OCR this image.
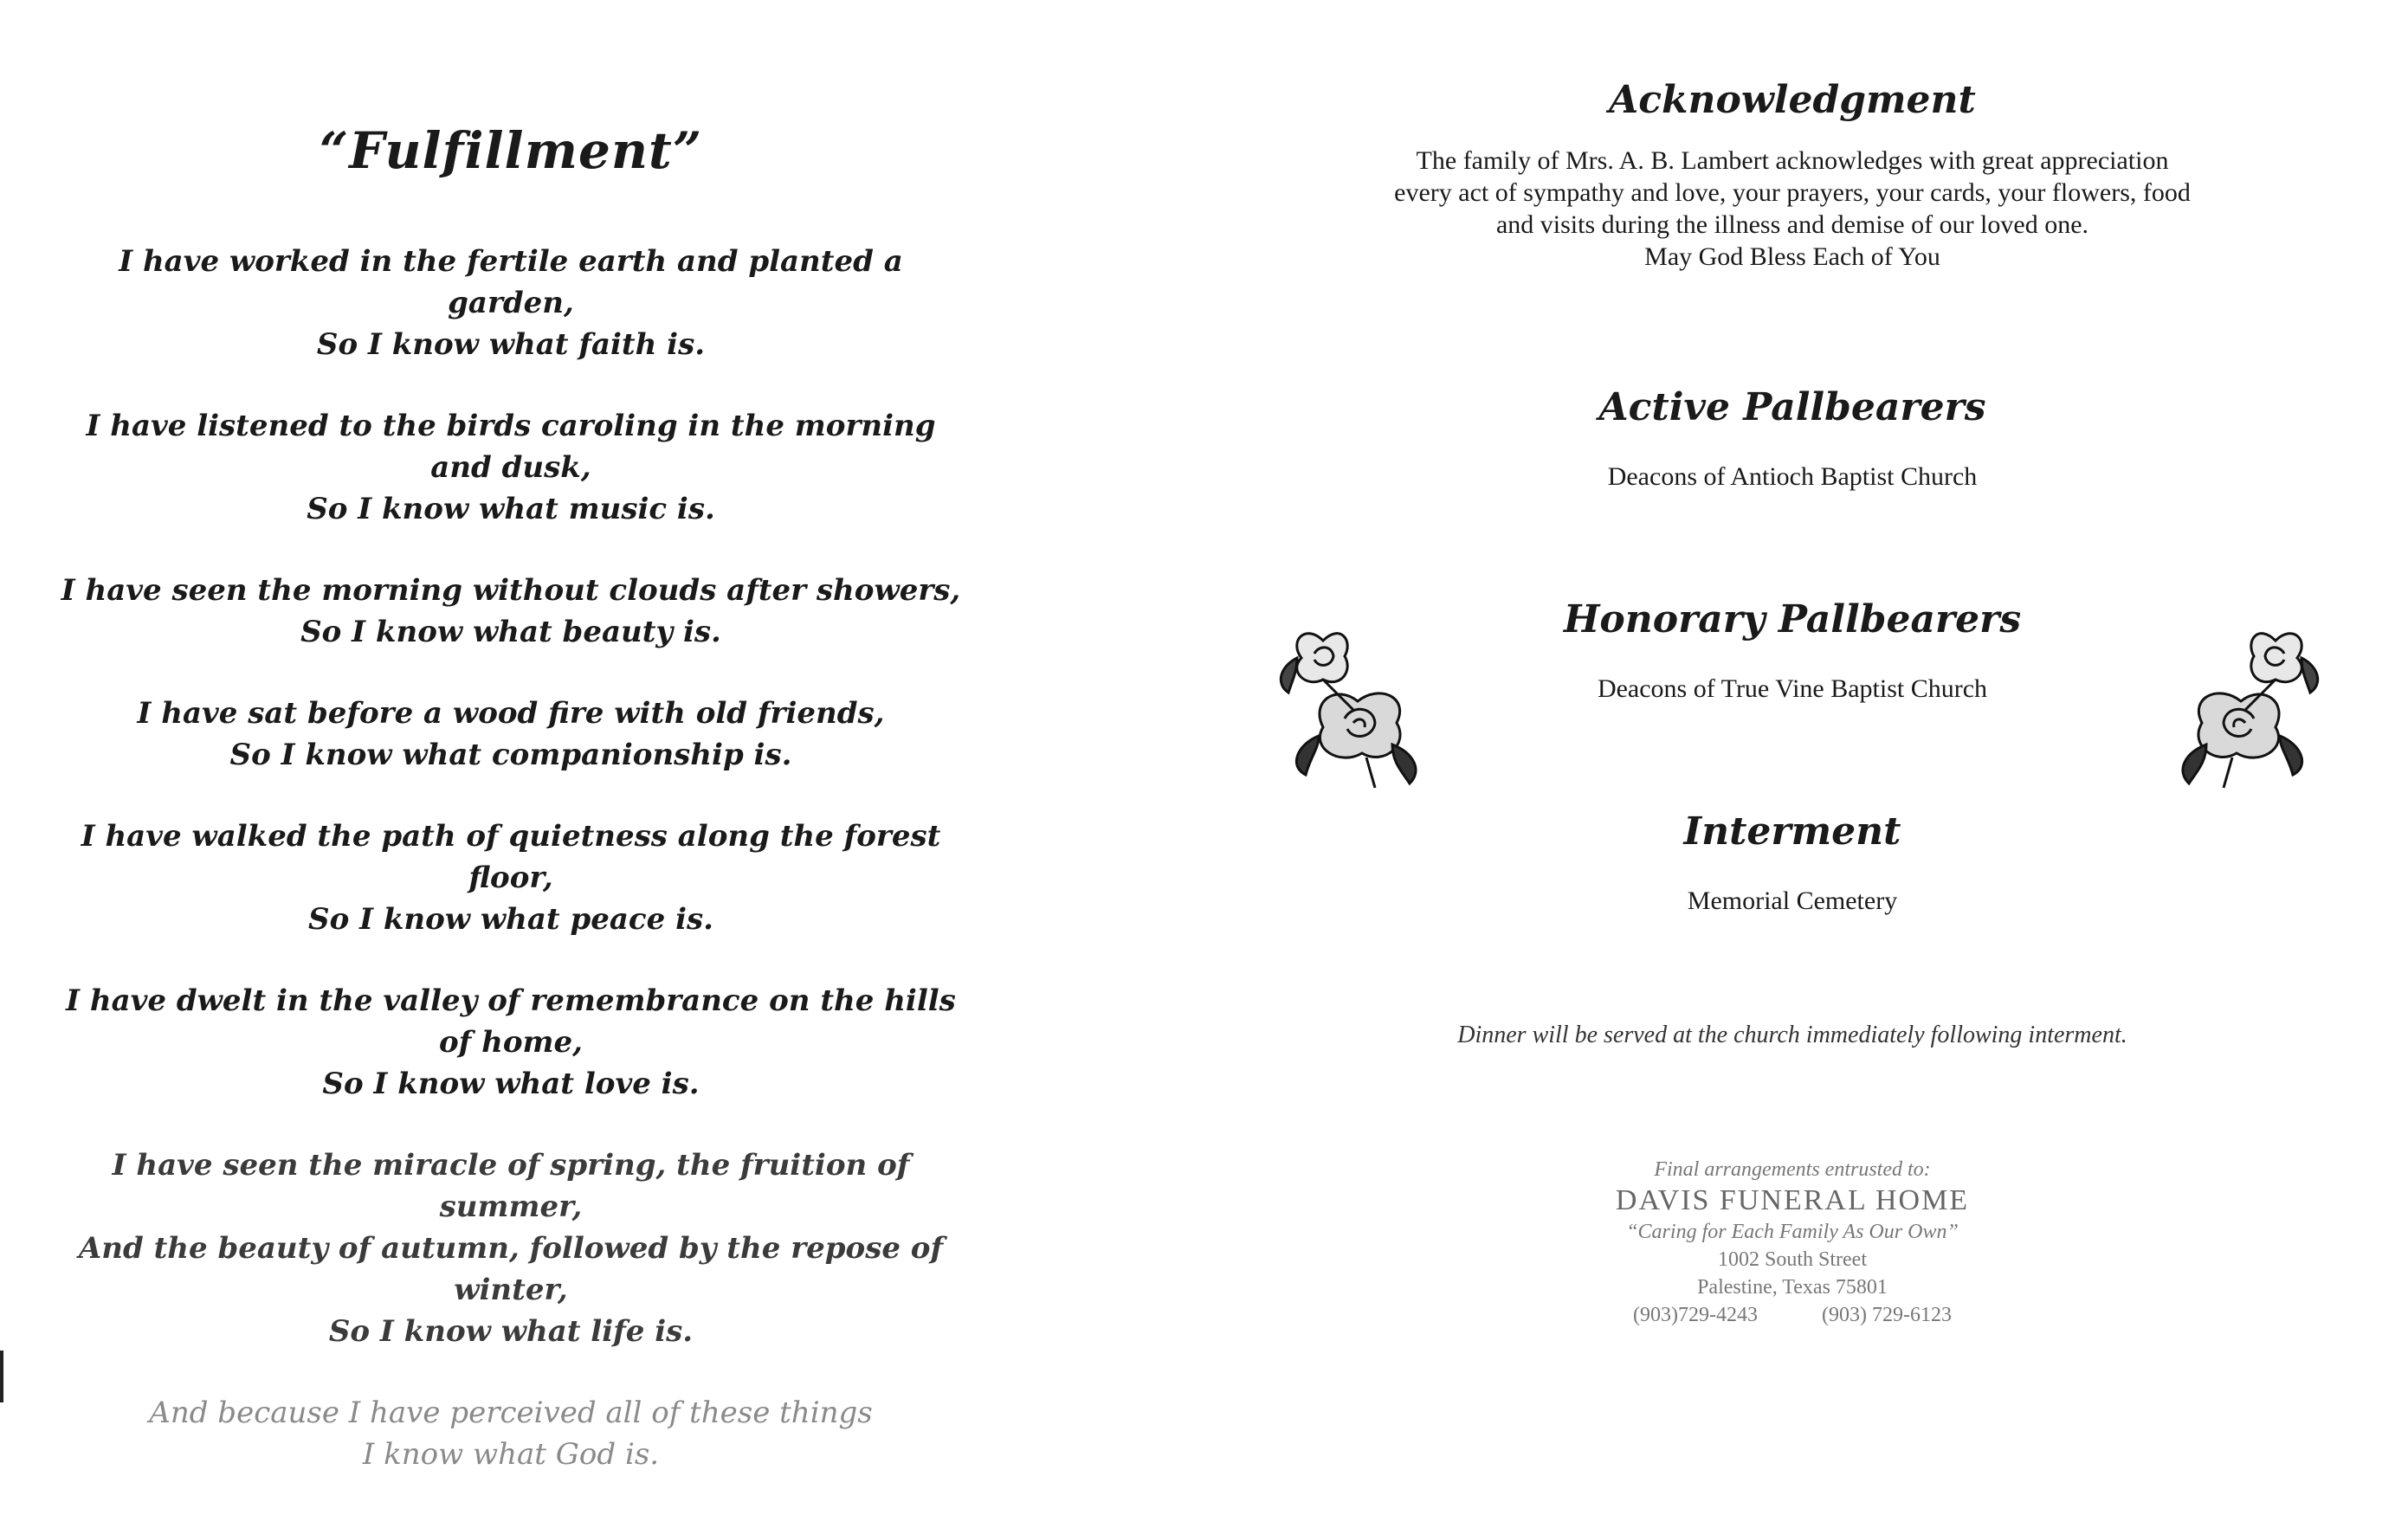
“Fulfillment”
I have worked in the fertile earth and planted a garden,
So I know what faith is.
I have listened to the birds caroling in the morning and dusk,
So I know what music is.
I have seen the morning without clouds after showers,
So I know what beauty is.
I have sat before a wood fire with old friends,
So I know what companionship is.
I have walked the path of quietness along the forest floor,
So I know what peace is.
I have dwelt in the valley of remembrance on the hills of home,
So I know what love is.
I have seen the miracle of spring, the fruition of summer,
And the beauty of autumn, followed by the repose of winter,
So I know what life is.
And because I have perceived all of these things
I know what God is.
Acknowledgment

The family of Mrs. A. B. Lambert acknowledges with great appreciation

every act of sympathy and love, your prayers, your cards, your flowers, food

and visits during the illness and demise of our loved one.

May God Bless Each of You

Active Pallbearers

Deacons of Antioch Baptist Church

Honorary Pallbearers

Deacons of True Vine Baptist Church

Interment

Memorial Cemetery

Dinner will be served at the church immediately following interment.
Final arrangements entrusted to:
DAVIS FUNERAL HOME
“Caring for Each Family As Our Own”
1002 South Street
Palestine, Texas 75801
(903)729-4243	(903) 729-6123
